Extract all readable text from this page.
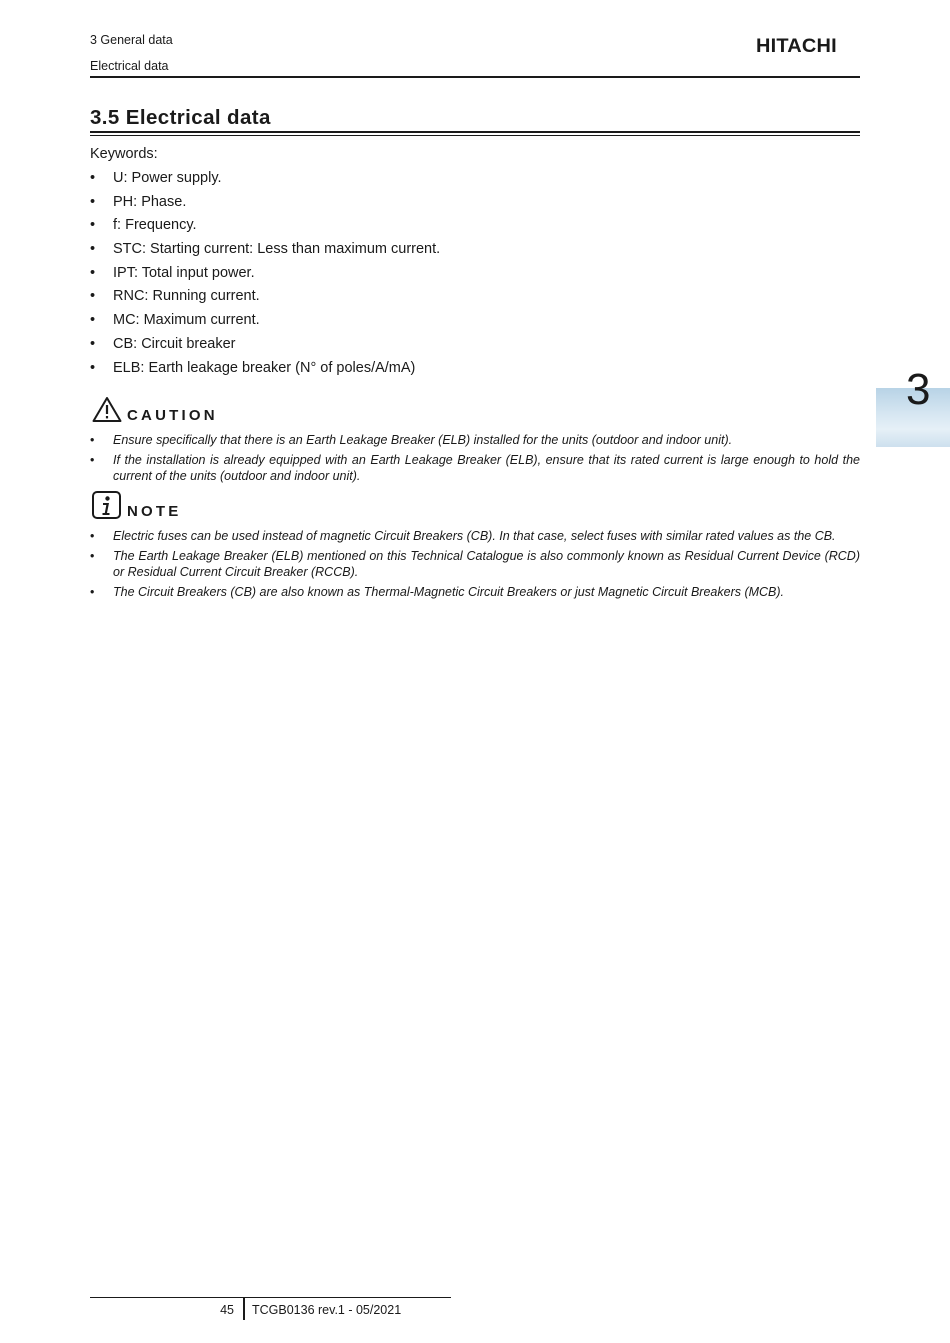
3 General data
Electrical data
HITACHI
3.5 Electrical data
Keywords:
• U: Power supply.
• PH: Phase.
• f: Frequency.
• STC: Starting current: Less than maximum current.
• IPT: Total input power.
• RNC: Running current.
• MC: Maximum current.
• CB: Circuit breaker
• ELB: Earth leakage breaker (N° of poles/A/mA)
CAUTION
• Ensure specifically that there is an Earth Leakage Breaker (ELB) installed for the units (outdoor and indoor unit).
• If the installation is already equipped with an Earth Leakage Breaker (ELB), ensure that its rated current is large enough to hold the current of the units (outdoor and indoor unit).
NOTE
• Electric fuses can be used instead of magnetic Circuit Breakers (CB). In that case, select fuses with similar rated values as the CB.
• The Earth Leakage Breaker (ELB) mentioned on this Technical Catalogue is also commonly known as Residual Current Device (RCD) or Residual Current Circuit Breaker (RCCB).
• The Circuit Breakers (CB) are also known as Thermal-Magnetic Circuit Breakers or just Magnetic Circuit Breakers (MCB).
3
45 TCGB0136 rev.1 - 05/2021
